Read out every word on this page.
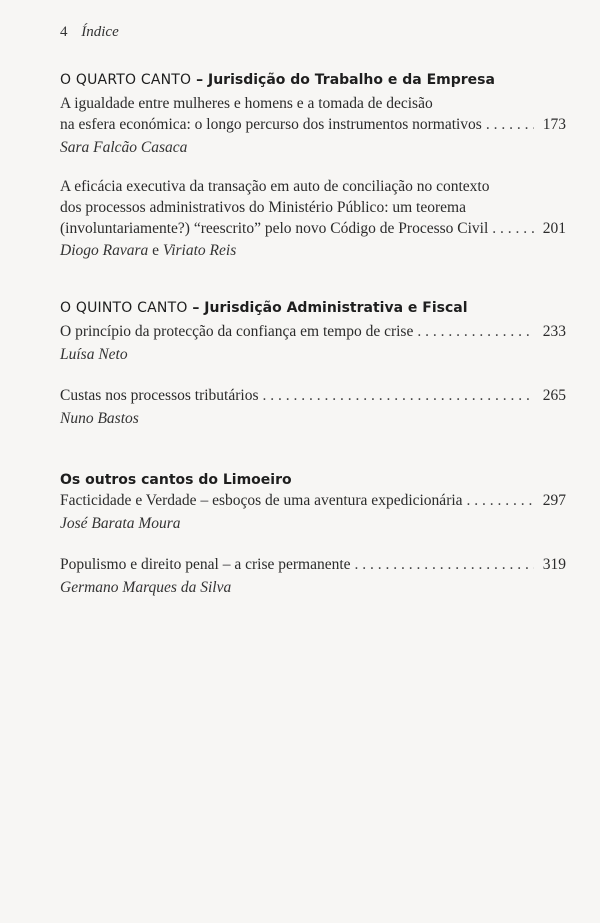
4 Índice
O QUARTO CANTO – Jurisdição do Trabalho e da Empresa
A igualdade entre mulheres e homens e a tomada de decisão
na esfera económica: o longo percurso dos instrumentos normativos . . .	173
Sara Falcão Casaca
A eficácia executiva da transação em auto de conciliação no contexto
dos processos administrativos do Ministério Público: um teorema
(involuntariamente?) “reescrito” pelo novo Código de Processo Civil . . .	201
Diogo Ravara e Viriato Reis
O QUINTO CANTO – Jurisdição Administrativa e Fiscal
O princípio da protecção da confiança em tempo de crise . . .	233
Luísa Neto
Custas nos processos tributários . . .	265
Nuno Bastos
Os outros cantos do Limoeiro
Facticidade e Verdade – esboços de uma aventura expedicionária . . .	297
José Barata Moura
Populismo e direito penal – a crise permanente . . .	319
Germano Marques da Silva
